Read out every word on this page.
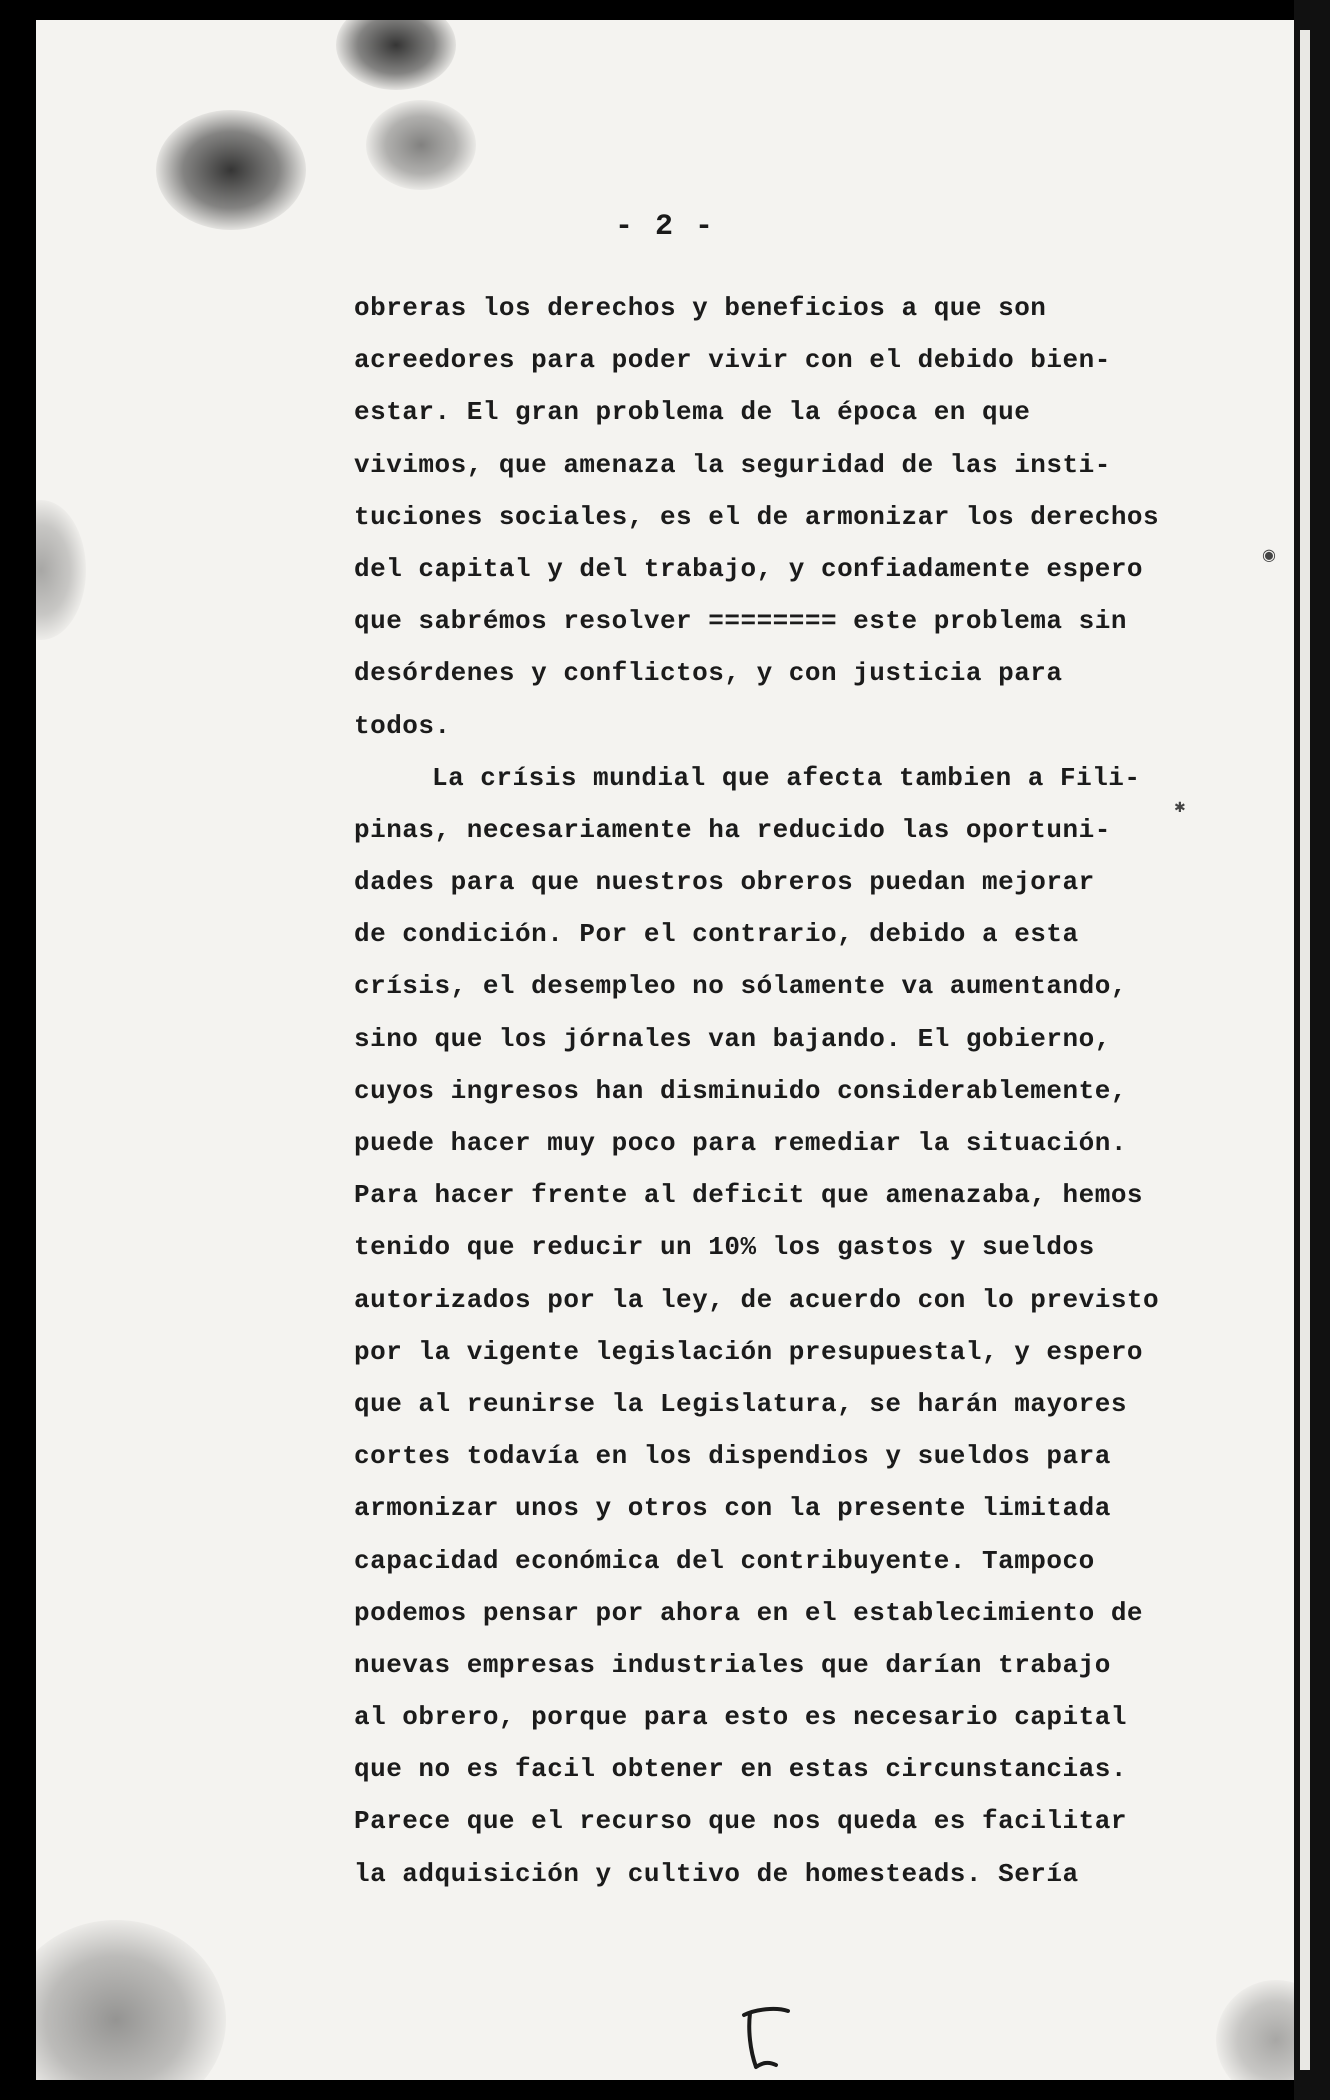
◉
✱
- 2 -
obreras los derechos y beneficios a que son
acreedores para poder vivir con el debido bien-
estar. El gran problema de la época en que
vivimos, que amenaza la seguridad de las insti-
tuciones sociales, es el de armonizar los derechos
del capital y del trabajo, y confiadamente espero
que sabrémos resolver ======== este problema sin
desórdenes y conflictos, y con justicia para
todos.
La crísis mundial que afecta tambien a Fili-
pinas, necesariamente ha reducido las oportuni-
dades para que nuestros obreros puedan mejorar
de condición. Por el contrario, debido a esta
crísis, el desempleo no sólamente va aumentando,
sino que los jórnales van bajando. El gobierno,
cuyos ingresos han disminuido considerablemente,
puede hacer muy poco para remediar la situación.
Para hacer frente al deficit que amenazaba, hemos
tenido que reducir un 10% los gastos y sueldos
autorizados por la ley, de acuerdo con lo previsto
por la vigente legislación presupuestal, y espero
que al reunirse la Legislatura, se harán mayores
cortes todavía en los dispendios y sueldos para
armonizar unos y otros con la presente limitada
capacidad económica del contribuyente. Tampoco
podemos pensar por ahora en el establecimiento de
nuevas empresas industriales que darían trabajo
al obrero, porque para esto es necesario capital
que no es facil obtener en estas circunstancias.
Parece que el recurso que nos queda es facilitar
la adquisición y cultivo de homesteads. Sería
